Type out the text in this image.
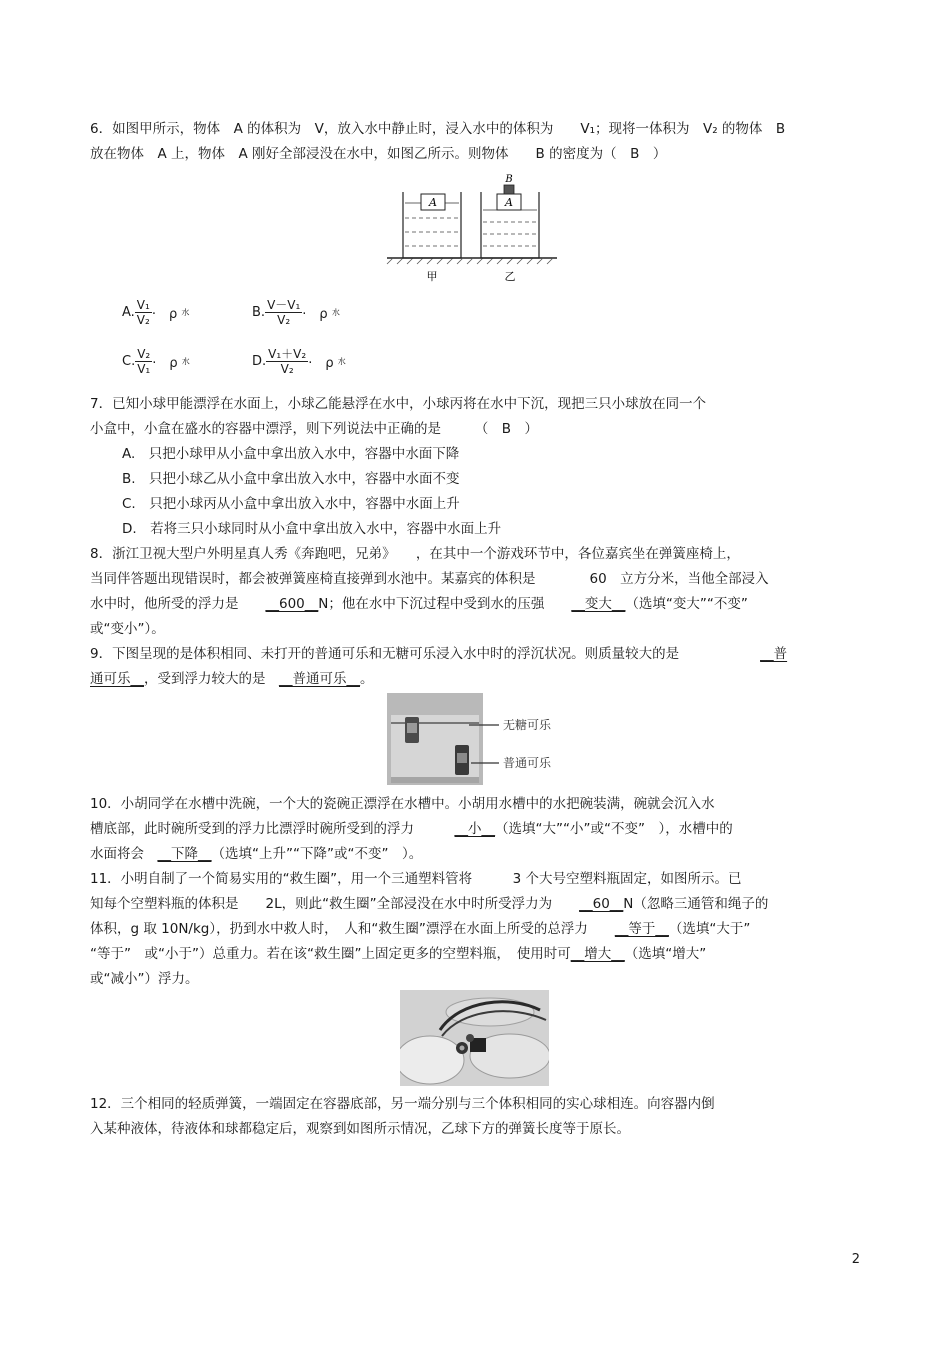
6．如图甲所示，物体　A 的体积为　V，放入水中静止时，浸入水中的体积为　　V₁；现将一体积为　V₂ 的物体　B
放在物体　A 上，物体　A 刚好全部浸没在水中，如图乙所示。则物体　　B 的密度为（　B　）
A	A
B
甲	乙
A. $\frac{\text{V₁}}{\text{V₂}}$ ·　ρ 水	B. $\frac{\text{V－V₁}}{\text{V₂}}$ ·　ρ 水
C. $\frac{\text{V₂}}{\text{V₁}}$ ·　ρ 水	D. $\frac{\text{V₁＋V₂}}{\text{V₂}}$ ·　ρ 水
7．已知小球甲能漂浮在水面上，小球乙能悬浮在水中，小球丙将在水中下沉，现把三只小球放在同一个
小盒中，小盒在盛水的容器中漂浮，则下列说法中正确的是　　　（　B　）
A.　只把小球甲从小盒中拿出放入水中，容器中水面下降
B.　只把小球乙从小盒中拿出放入水中，容器中水面不变
C.　只把小球丙从小盒中拿出放入水中，容器中水面上升
D.　若将三只小球同时从小盒中拿出放入水中，容器中水面上升
8．浙江卫视大型户外明星真人秀《奔跑吧，兄弟》　　，在其中一个游戏环节中，各位嘉宾坐在弹簧座椅上，
当同伴答题出现错误时，都会被弹簧座椅直接弹到水池中。某嘉宾的体积是　　　　60　立方分米，当他全部浸入
水中时，他所受的浮力是　　__600__N；他在水中下沉过程中受到水的压强　　__变大__（选填“变大”“不变”
或“变小”）。
9．下图呈现的是体积相同、未打开的普通可乐和无糖可乐浸入水中时的浮沉状况。则质量较大的是　　　　　　__普
通可乐__，受到浮力较大的是　__普通可乐__。
无糖可乐
普通可乐
10．小胡同学在水槽中洗碗，一个大的瓷碗正漂浮在水槽中。小胡用水槽中的水把碗装满，碗就会沉入水
槽底部，此时碗所受到的浮力比漂浮时碗所受到的浮力　　　__小__（选填“大”“小”或“不变”　），水槽中的
水面将会　__下降__（选填“上升”“下降”或“不变”　）。
11．小明自制了一个简易实用的“救生圈”，用一个三通塑料管将　　　3 个大号空塑料瓶固定，如图所示。已
知每个空塑料瓶的体积是　　2L，则此“救生圈”全部浸没在水中时所受浮力为　　__60__N（忽略三通管和绳子的
体积，g 取 10N/kg），扔到水中救人时，　人和“救生圈”漂浮在水面上所受的总浮力　　__等于__（选填“大于”
“等于”　或“小于”）总重力。若在该“救生圈”上固定更多的空塑料瓶，　使用时可__增大__（选填“增大”
或“减小”）浮力。
12．三个相同的轻质弹簧，一端固定在容器底部，另一端分别与三个体积相同的实心球相连。向容器内倒
入某种液体，待液体和球都稳定后，观察到如图所示情况，乙球下方的弹簧长度等于原长。
2
